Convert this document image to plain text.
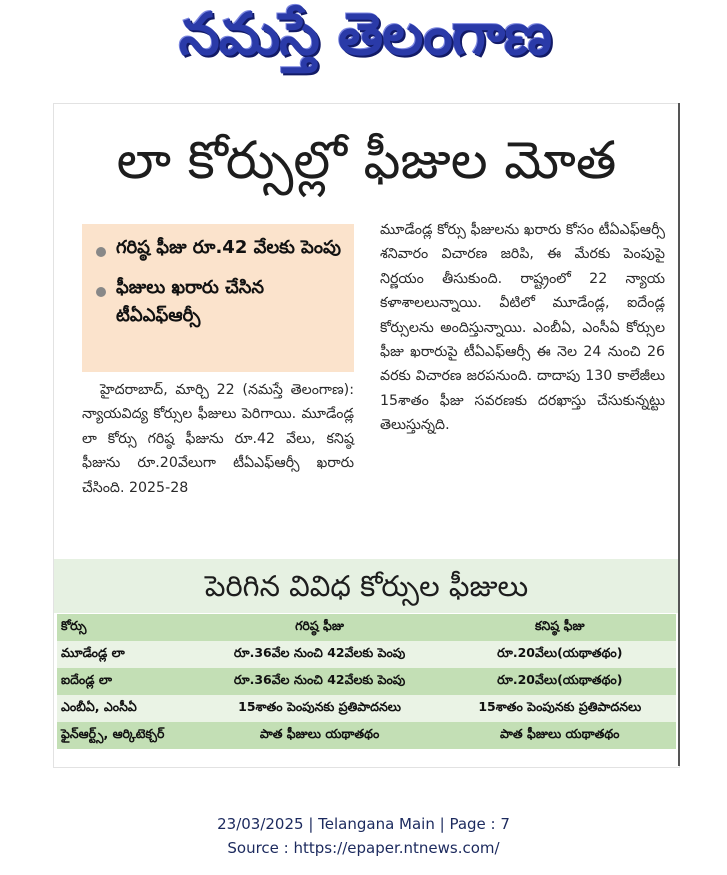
నమస్తే తెలంగాణ
లా కోర్సుల్లో ఫీజుల మోత
గరిష్ఠ ఫీజు రూ.42 వేలకు పెంపు
ఫీజులు ఖరారు చేసిన టీఏఎఫ్ఆర్సీ
హైదరాబాద్, మార్చి 22 (నమస్తే తెలంగాణ): న్యాయవిద్య కోర్సుల ఫీజులు పెరిగాయి. మూడేండ్ల లా కోర్సు గరిష్ఠ ఫీజును రూ.42 వేలు, కనిష్ఠ ఫీజును రూ.20వేలుగా టీఏఎఫ్ఆర్సీ ఖరారు చేసింది. 2025-28
మూడేండ్ల కోర్సు ఫీజులను ఖరారు కోసం టీఏఎఫ్ఆర్సీ శనివారం విచారణ జరిపి, ఈ మేరకు పెంపుపై నిర్ణయం తీసుకుంది. రాష్ట్రంలో 22 న్యాయ కళాశాలలున్నాయి. వీటిలో మూడేండ్ల, ఐదేండ్ల కోర్సులను అందిస్తున్నాయి. ఎంబీఏ, ఎంసీఏ కోర్సుల ఫీజు ఖరారుపై టీఏఎఫ్ఆర్సీ ఈ నెల 24 నుంచి 26 వరకు విచారణ జరపనుంది. దాదాపు 130 కాలేజీలు 15శాతం ఫీజు సవరణకు దరఖాస్తు చేసుకున్నట్టు తెలుస్తున్నది.
పెరిగిన వివిధ కోర్సుల ఫీజులు
కోర్సు	గరిష్ఠ ఫీజు	కనిష్ఠ ఫీజు
మూడేండ్ల లా	రూ.36వేల నుంచి 42వేలకు పెంపు	రూ.20వేలు(యథాతథం)
ఐదేండ్ల లా	రూ.36వేల నుంచి 42వేలకు పెంపు	రూ.20వేలు(యథాతథం)
ఎంబీఏ, ఎంసీఏ	15శాతం పెంపునకు ప్రతిపాదనలు	15శాతం పెంపునకు ప్రతిపాదనలు
ఫైన్ఆర్ట్స్, ఆర్కిటెక్చర్	పాత ఫీజులు యథాతథం	పాత ఫీజులు యథాతథం
23/03/2025 | Telangana Main | Page : 7
Source : https://epaper.ntnews.com/
